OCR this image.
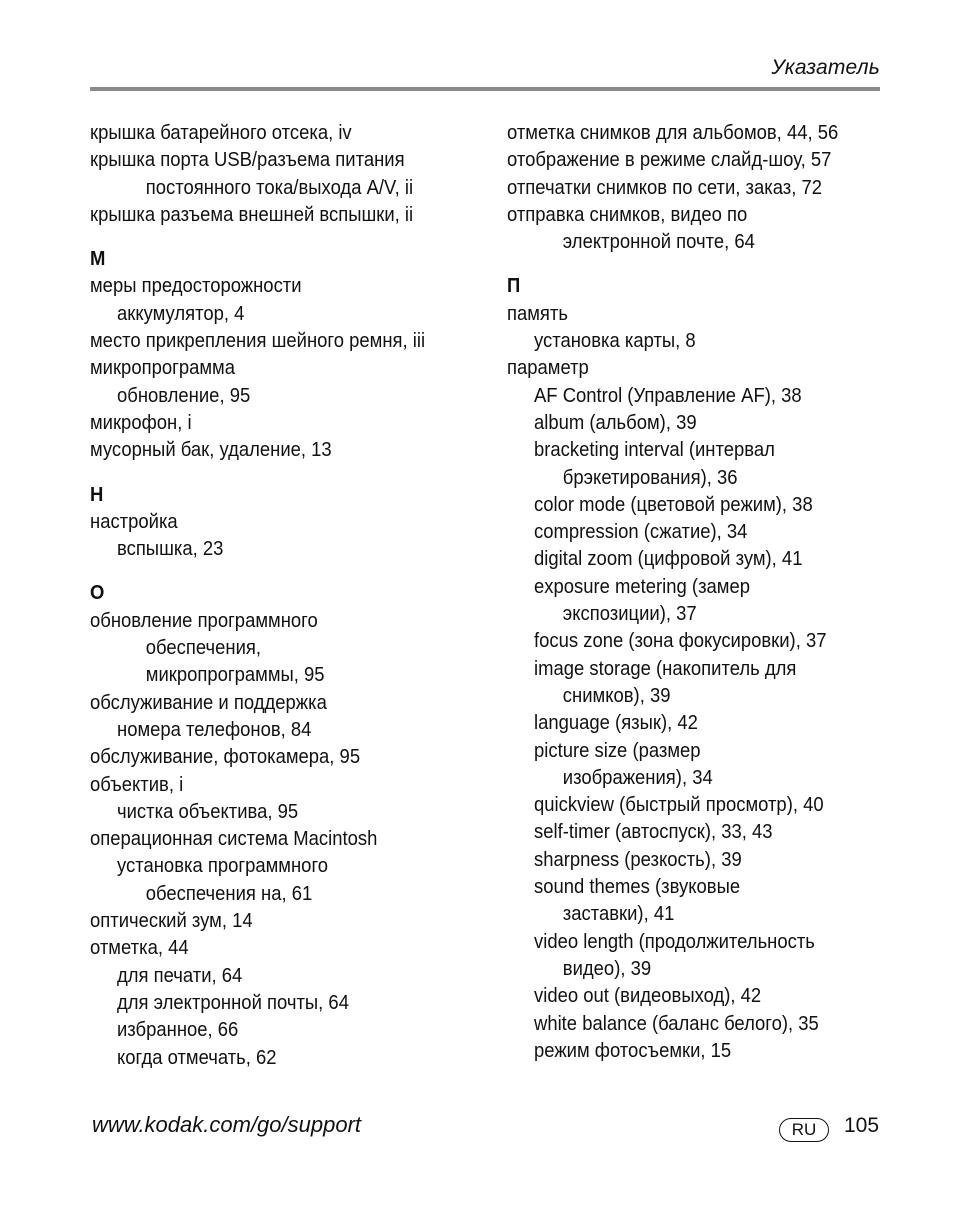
Указатель
крышка батарейного отсека, iv
крышка порта USB/разъема питания
постоянного тока/выхода A/V, ii
крышка разъема внешней вспышки, ii
М
меры предосторожности
аккумулятор, 4
место прикрепления шейного ремня, iii
микропрограмма
обновление, 95
микрофон, i
мусорный бак, удаление, 13
Н
настройка
вспышка, 23
О
обновление программного
обеспечения,
микропрограммы, 95
обслуживание и поддержка
номера телефонов, 84
обслуживание, фотокамера, 95
объектив, i
чистка объектива, 95
операционная система Macintosh
установка программного
обеспечения на, 61
оптический зум, 14
отметка, 44
для печати, 64
для электронной почты, 64
избранное, 66
когда отмечать, 62
отметка снимков для альбомов, 44, 56
отображение в режиме слайд-шоу, 57
отпечатки снимков по сети, заказ, 72
отправка снимков, видео по
электронной почте, 64
П
память
установка карты, 8
параметр
AF Control (Управление AF), 38
album (альбом), 39
bracketing interval (интервал
брэкетирования), 36
color mode (цветовой режим), 38
compression (сжатие), 34
digital zoom (цифровой зум), 41
exposure metering (замер
экспозиции), 37
focus zone (зона фокусировки), 37
image storage (накопитель для
снимков), 39
language (язык), 42
picture size (размер
изображения), 34
quickview (быстрый просмотр), 40
self-timer (автоспуск), 33, 43
sharpness (резкость), 39
sound themes (звуковые
заставки), 41
video length (продолжительность
видео), 39
video out (видеовыход), 42
white balance (баланс белого), 35
режим фотосъемки, 15
www.kodak.com/go/support	RU	105
